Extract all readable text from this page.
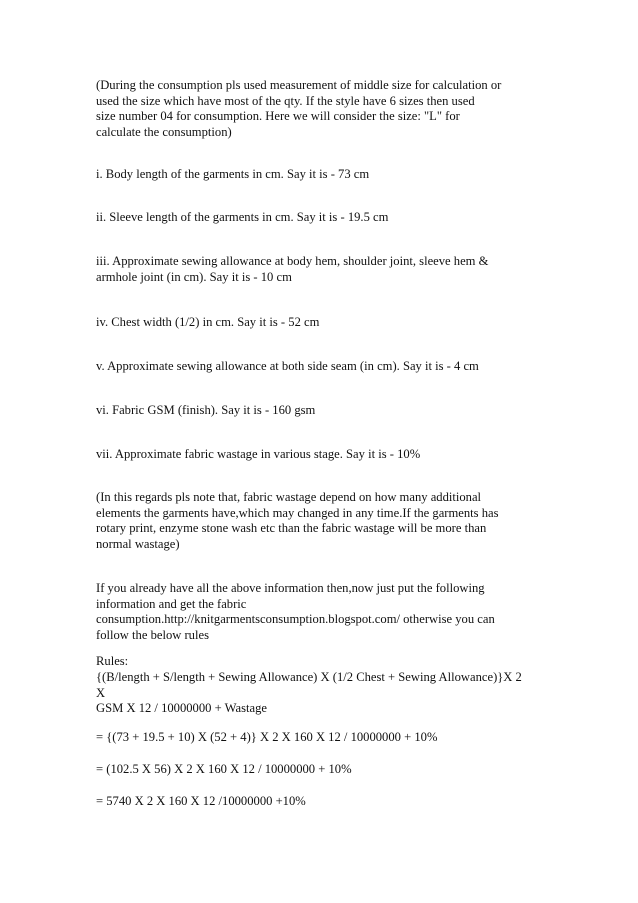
(During the consumption pls used measurement of middle size for calculation or
used the size which have most of the qty. If the style have 6 sizes then used
size number 04 for consumption. Here we will consider the size: "L" for
calculate the consumption)

i. Body length of the garments in cm. Say it is - 73 cm

ii. Sleeve length of the garments in cm. Say it is - 19.5 cm

iii. Approximate sewing allowance at body hem, shoulder joint, sleeve hem &
armhole joint (in cm). Say it is - 10 cm

iv. Chest width (1/2) in cm. Say it is - 52 cm

v. Approximate sewing allowance at both side seam (in cm). Say it is - 4 cm

vi. Fabric GSM (finish). Say it is - 160 gsm

vii. Approximate fabric wastage in various stage. Say it is - 10%

(In this regards pls note that, fabric wastage depend on how many additional
elements the garments have,which may changed in any time.If the garments has
rotary print, enzyme stone wash etc than the fabric wastage will be more than
normal wastage)

If you already have all the above information then,now just put the following
information and get the fabric
consumption.http://knitgarmentsconsumption.blogspot.com/ otherwise you can
follow the below rules

Rules:

{(B/length + S/length + Sewing Allowance) X (1/2 Chest + Sewing Allowance)}X 2
X
GSM X 12 / 10000000 + Wastage

= {(73 + 19.5 + 10) X (52 + 4)} X 2 X 160 X 12 / 10000000 + 10%

= (102.5 X 56) X 2 X 160 X 12 / 10000000 + 10%

= 5740 X 2 X 160 X 12 /10000000 +10%
